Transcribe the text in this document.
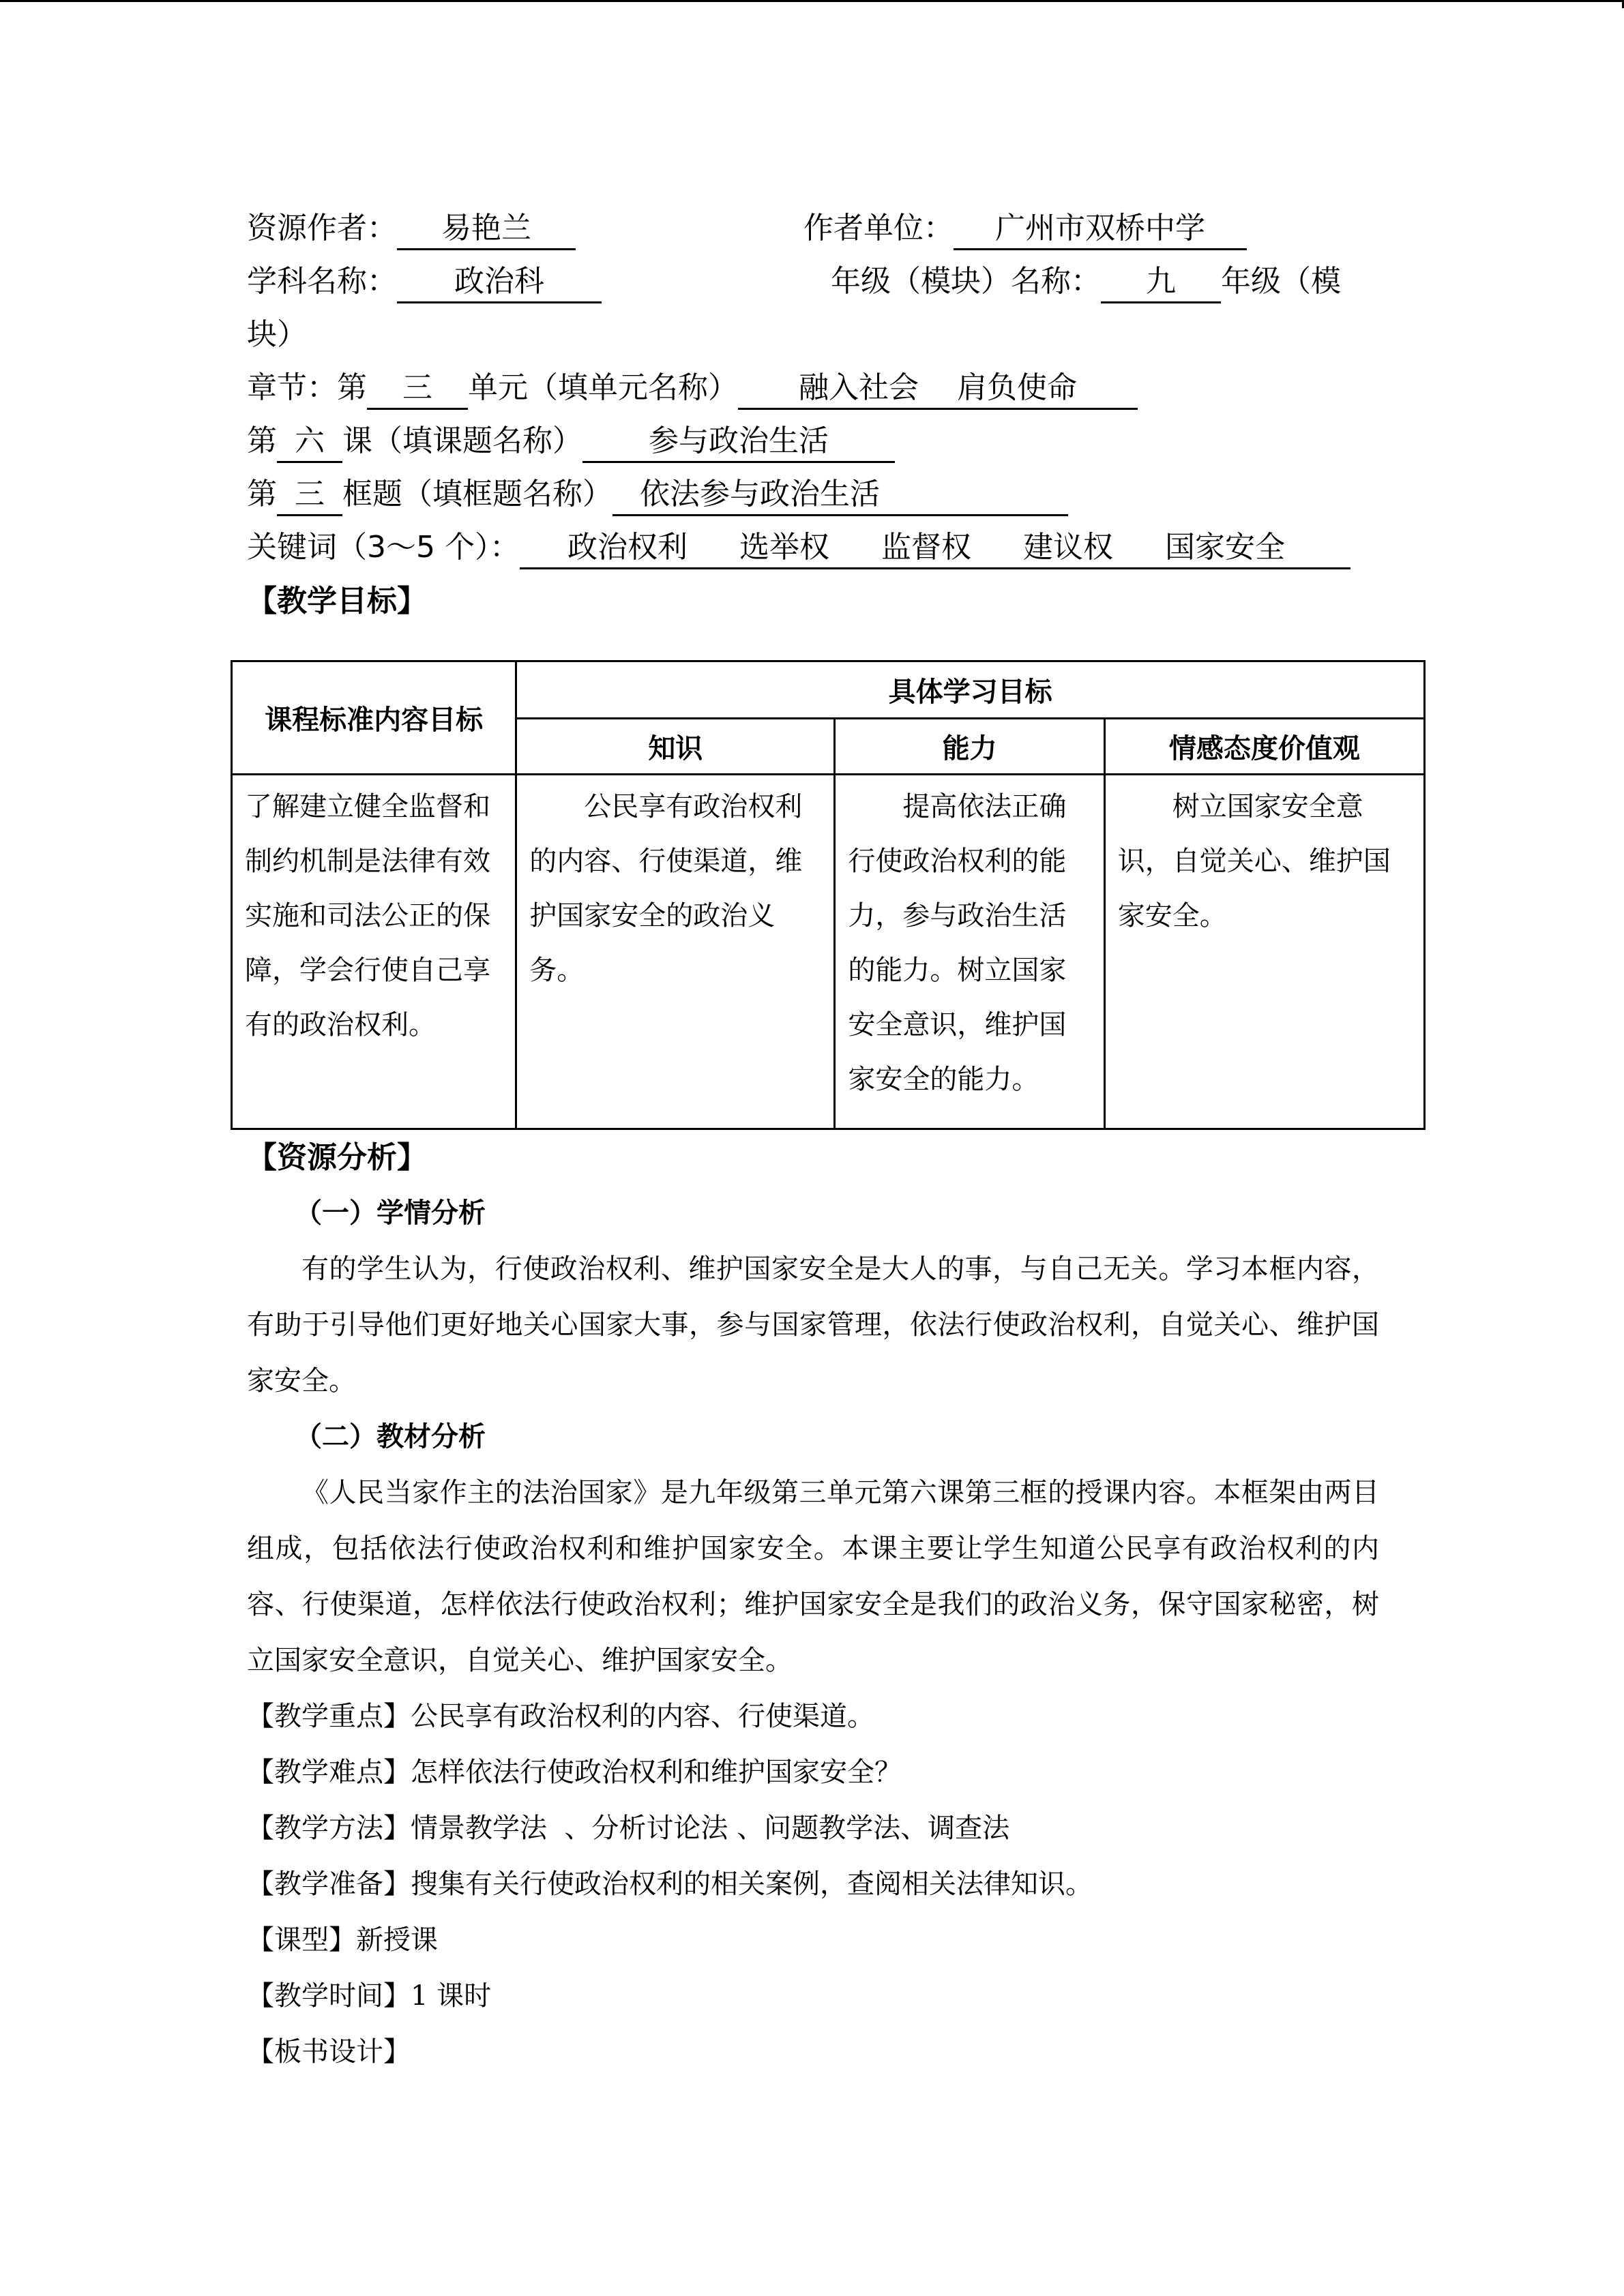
资源作者： 易艳兰	作者单位： 广州市双桥中学
学科名称： 政治科	年级（模块）名称： 九 年级（模
块）
章节：第 三 单元（填单元名称） 融入社会    肩负使命
第 六 课（填课题名称） 参与政治生活
第 三 框题（填框题名称） 依法参与政治生活
关键词（3～5 个）： 政治权利 选举权 监督权 建议权 国家安全
【教学目标】
课程标准内容目标	具体学习目标		
	知识	能力	情感态度价值观
了解建立健全监督和制约机制是法律有效实施和司法公正的保障，学会行使自己享有的政治权利。	公民享有政治权利的内容、行使渠道，维护国家安全的政治义务。	提高依法正确行使政治权利的能力，参与政治生活的能力。树立国家安全意识，维护国家安全的能力。	树立国家安全意识，自觉关心、维护国家安全。
【资源分析】
（一）学情分析
有的学生认为，行使政治权利、维护国家安全是大人的事，与自己无关。学习本框内容，有助于引导他们更好地关心国家大事，参与国家管理，依法行使政治权利，自觉关心、维护国家安全。
（二）教材分析
《人民当家作主的法治国家》是九年级第三单元第六课第三框的授课内容。本框架由两目组成，包括依法行使政治权利和维护国家安全。本课主要让学生知道公民享有政治权利的内容、行使渠道，怎样依法行使政治权利；维护国家安全是我们的政治义务，保守国家秘密，树立国家安全意识，自觉关心、维护国家安全。
【教学重点】公民享有政治权利的内容、行使渠道。
【教学难点】怎样依法行使政治权利和维护国家安全？
【教学方法】情景教学法  、分析讨论法 、问题教学法、调查法
【教学准备】搜集有关行使政治权利的相关案例，查阅相关法律知识。
【课型】新授课
【教学时间】1 课时
【板书设计】
